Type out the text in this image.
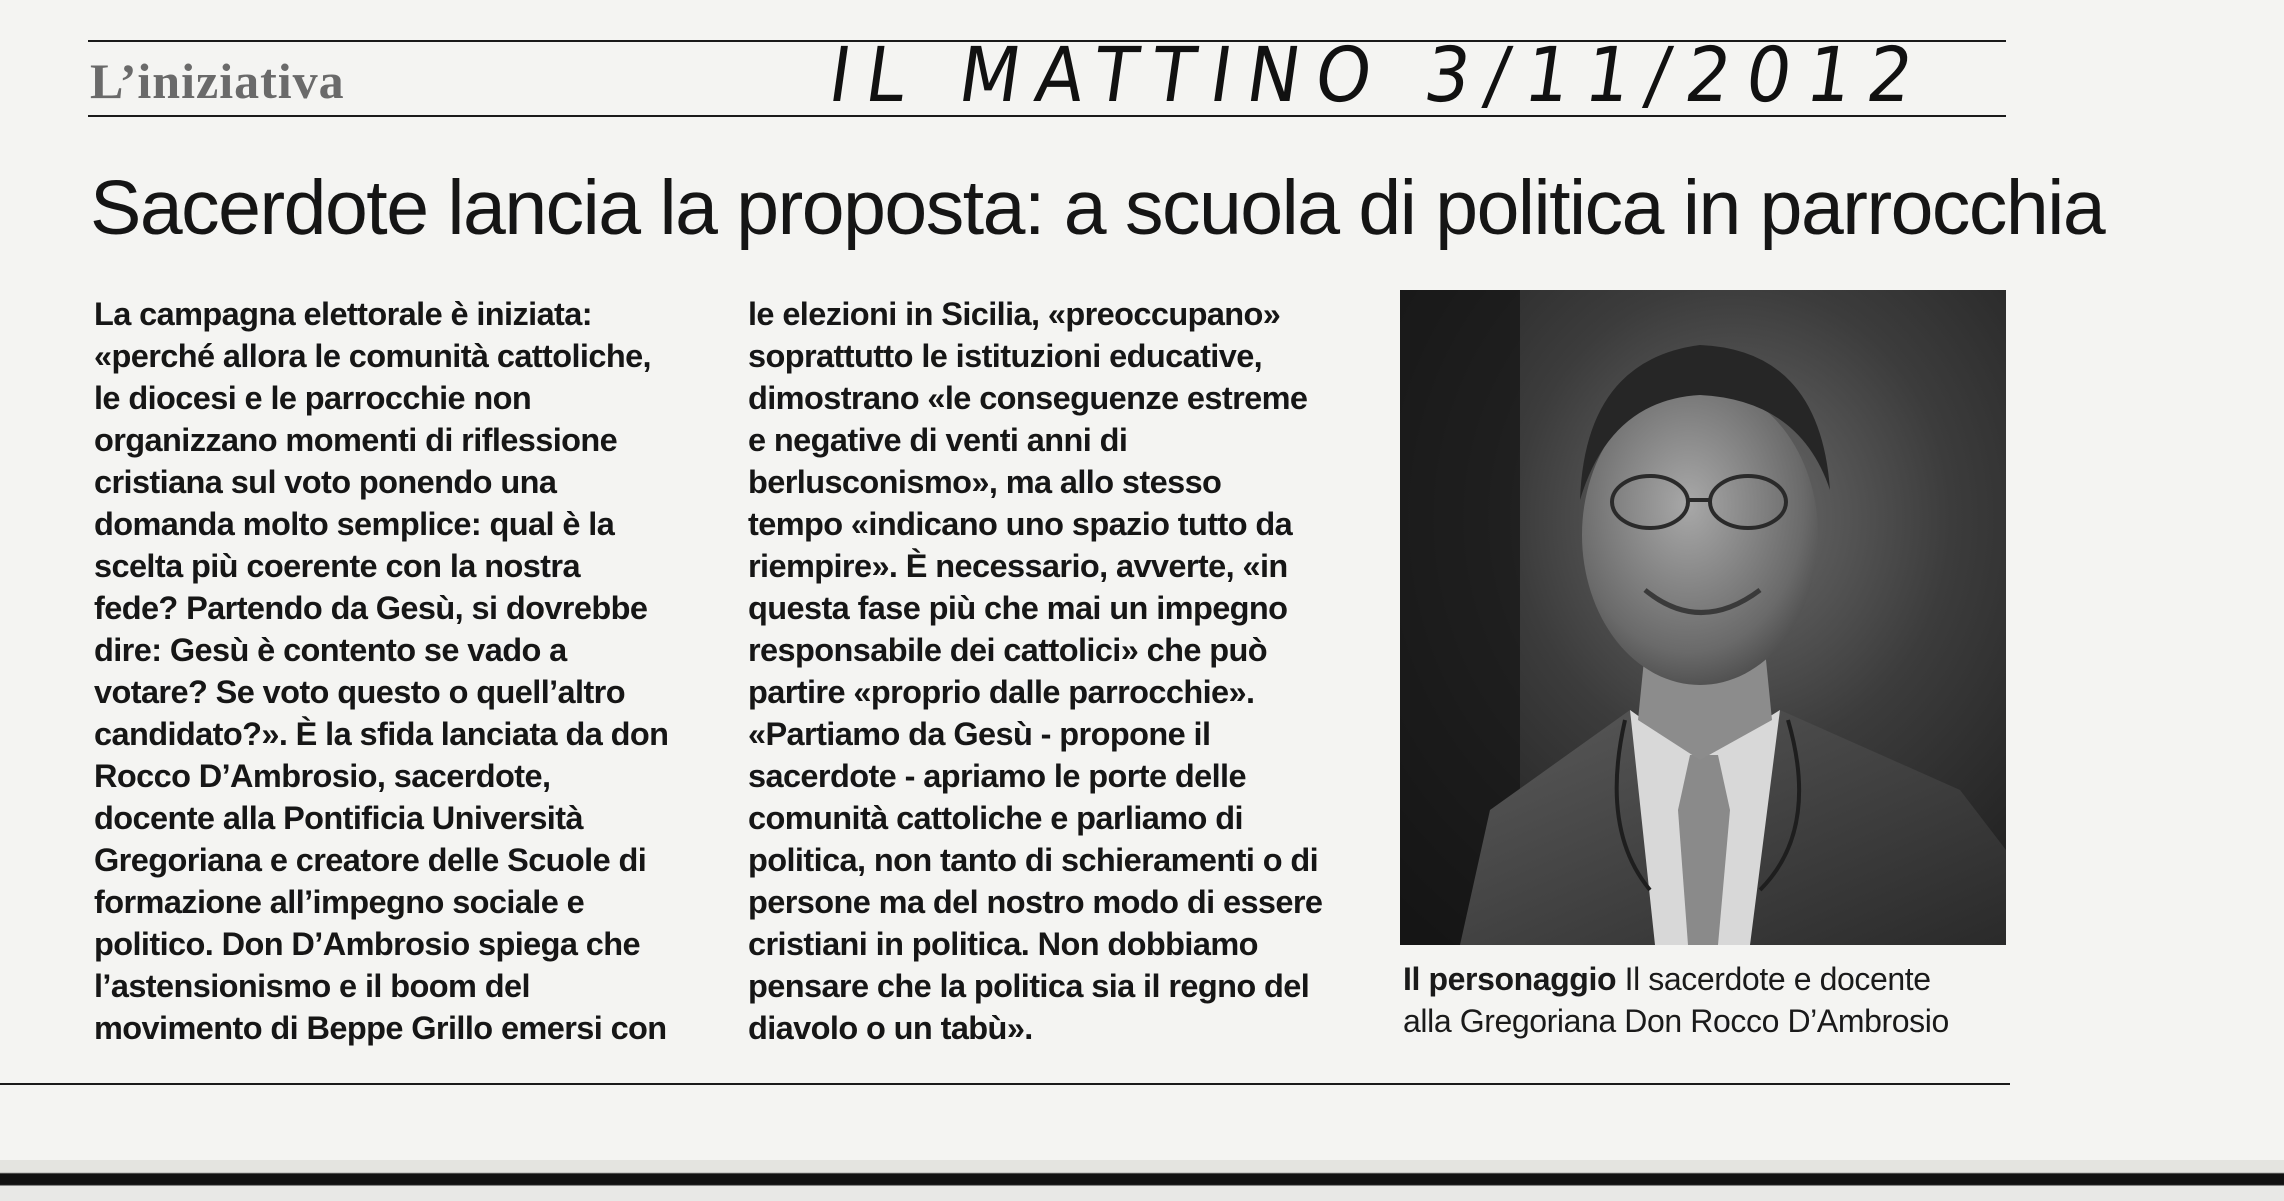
L’iniziativa	IL MATTINO 3/11/2012
Sacerdote lancia la proposta: a scuola di politica in parrocchia
La campagna elettorale è iniziata:
«perché allora le comunità cattoliche,
le diocesi e le parrocchie non
organizzano momenti di riflessione
cristiana sul voto ponendo una
domanda molto semplice: qual è la
scelta più coerente con la nostra
fede? Partendo da Gesù, si dovrebbe
dire: Gesù è contento se vado a
votare? Se voto questo o quell’altro
candidato?». È la sfida lanciata da don
Rocco D’Ambrosio, sacerdote,
docente alla Pontificia Università
Gregoriana e creatore delle Scuole di
formazione all’impegno sociale e
politico. Don D’Ambrosio spiega che
l’astensionismo e il boom del
movimento di Beppe Grillo emersi con
le elezioni in Sicilia, «preoccupano»
soprattutto le istituzioni educative,
dimostrano «le conseguenze estreme
e negative di venti anni di
berlusconismo», ma allo stesso
tempo «indicano uno spazio tutto da
riempire». È necessario, avverte, «in
questa fase più che mai un impegno
responsabile dei cattolici» che può
partire «proprio dalle parrocchie».
«Partiamo da Gesù - propone il
sacerdote - apriamo le porte delle
comunità cattoliche e parliamo di
politica, non tanto di schieramenti o di
persone ma del nostro modo di essere
cristiani in politica. Non dobbiamo
pensare che la politica sia il regno del
diavolo o un tabù».
Il personaggio Il sacerdote e docente
alla Gregoriana Don Rocco D’Ambrosio
